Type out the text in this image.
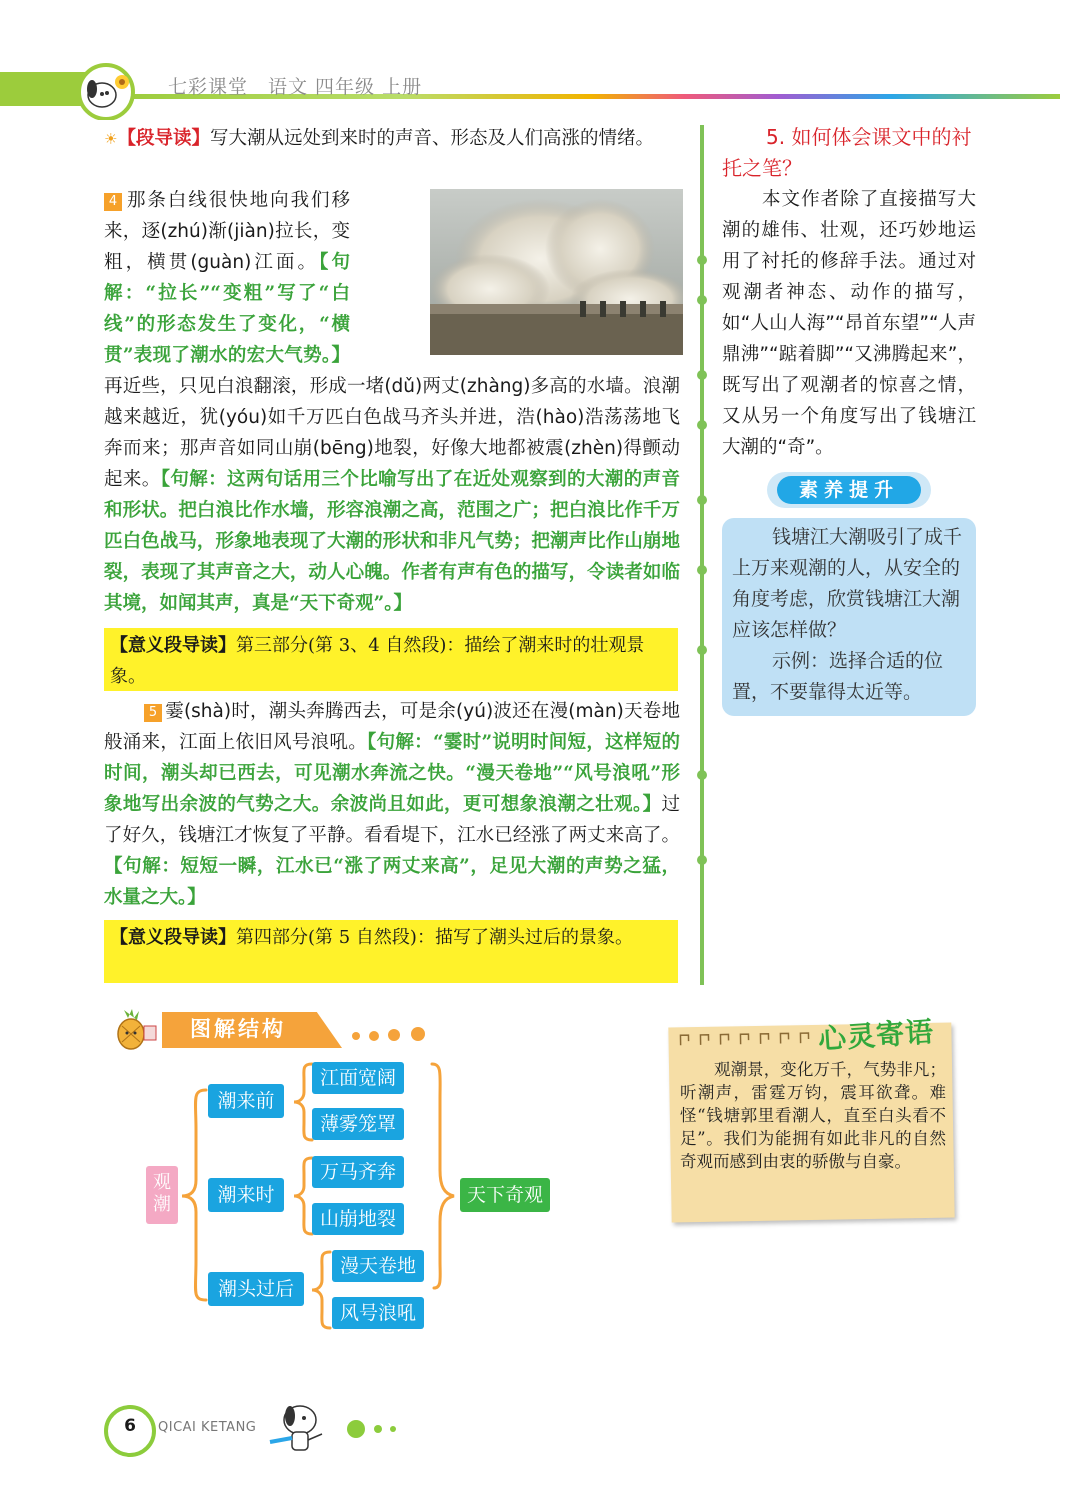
七彩课堂　语文 四年级 上册
☀【段导读】写大潮从远处到来时的声音、形态及人们高涨的情绪。
4 那条白线很快地向我们移来，逐(zhú)渐(jiàn)拉长，变粗，横贯(guàn)江面。【句解：“拉长”“变粗”写了“白线”的形态发生了变化，“横贯”表现了潮水的宏大气势。】再近些，只见白浪翻滚，形成一堵(dǔ)两丈(zhàng)多高的水墙。浪潮越来越近，犹(yóu)如千万匹白色战马齐头并进，浩(hào)浩荡荡地飞奔而来；那声音如同山崩(bēng)地裂，好像大地都被震(zhèn)得颤动起来。【句解：这两句话用三个比喻写出了在近处观察到的大潮的声音和形状。把白浪比作水墙，形容浪潮之高，范围之广；把白浪比作千万匹白色战马，形象地表现了大潮的形状和非凡气势；把潮声比作山崩地裂，表现了其声音之大，动人心魄。作者有声有色的描写，令读者如临其境，如闻其声，真是“天下奇观”。】
【意义段导读】第三部分(第 3、4 自然段)：描绘了潮来时的壮观景象。
5 霎(shà)时，潮头奔腾西去，可是余(yú)波还在漫(màn)天卷地般涌来，江面上依旧风号浪吼。【句解：“霎时”说明时间短，这样短的时间，潮头却已西去，可见潮水奔流之快。“漫天卷地”“风号浪吼”形象地写出余波的气势之大。余波尚且如此，更可想象浪潮之壮观。】过了好久，钱塘江才恢复了平静。看看堤下，江水已经涨了两丈来高了。【句解：短短一瞬，江水已“涨了两丈来高”，足见大潮的声势之猛，水量之大。】
【意义段导读】第四部分(第 5 自然段)：描写了潮头过后的景象。
5. 如何体会课文中的衬托之笔？
本文作者除了直接描写大潮的雄伟、壮观，还巧妙地运用了衬托的修辞手法。通过对观潮者神态、动作的描写，如“人山人海”“昂首东望”“人声鼎沸”“踮着脚”“又沸腾起来”，既写出了观潮者的惊喜之情，又从另一个角度写出了钱塘江大潮的“奇”。
素养提升
钱塘江大潮吸引了成千上万来观潮的人，从安全的角度考虑，欣赏钱塘江大潮应该怎样做？
示例：选择合适的位置，不要靠得太近等。
图解结构
观潮
潮来前
潮来时
潮头过后
江面宽阔
薄雾笼罩
万马齐奔
山崩地裂
漫天卷地
风号浪吼
天下奇观
心灵寄语
观潮景，变化万千，气势非凡；听潮声，雷霆万钧，震耳欲聋。难怪“钱塘郭里看潮人，直至白头看不足”。我们为能拥有如此非凡的自然奇观而感到由衷的骄傲与自豪。
6	QICAI KETANG
